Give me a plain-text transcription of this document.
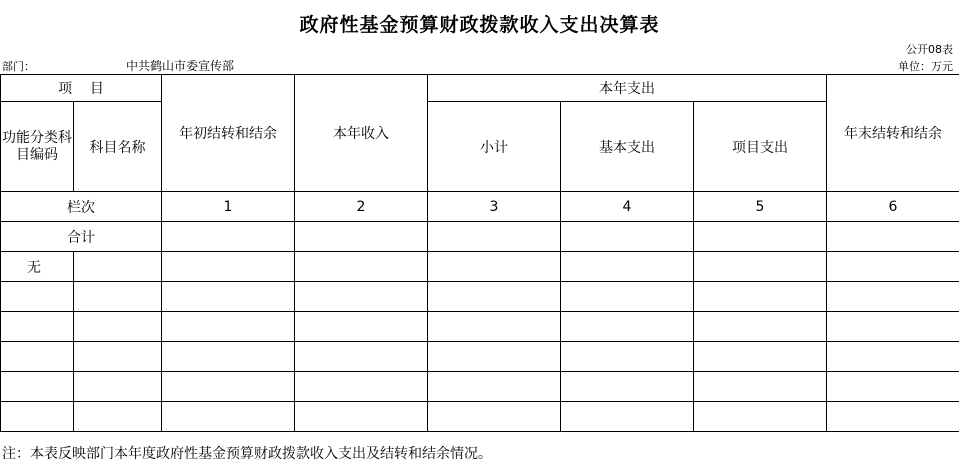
政府性基金预算财政拨款收入支出决算表
公开08表
部门：	中共鹤山市委宣传部	单位：万元
项    目		年初结转和结余	本年收入	本年支出			年末结转和结余
功能分类科目编码	科目名称			小计	基本支出	项目支出	
栏次		1	2	3	4	5	6
合计							
无							

注：本表反映部门本年度政府性基金预算财政拨款收入支出及结转和结余情况。
